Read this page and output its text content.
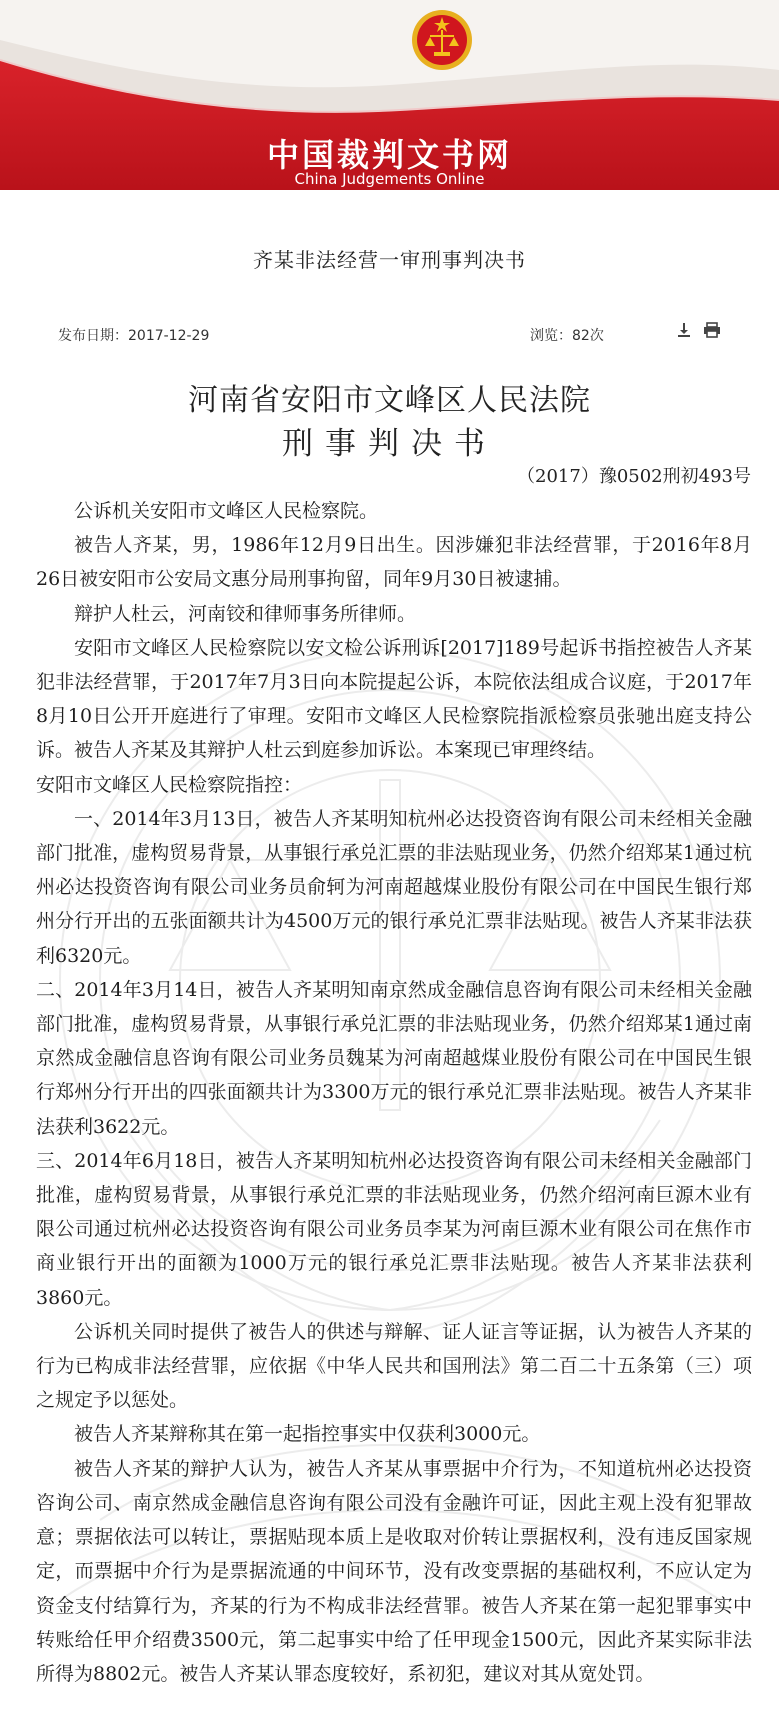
中国裁判文书网
China Judgements Online
齐某非法经营一审刑事判决书
发布日期：2017-12-29	浏览：82次

河南省安阳市文峰区人民法院
刑事判决书
（2017）豫0502刑初493号

公诉机关安阳市文峰区人民检察院。

被告人齐某，男，1986年12月9日出生。因涉嫌犯非法经营罪，于2016年8月26日被安阳市公安局文惠分局刑事拘留，同年9月30日被逮捕。

辩护人杜云，河南铰和律师事务所律师。

安阳市文峰区人民检察院以安文检公诉刑诉[2017]189号起诉书指控被告人齐某犯非法经营罪，于2017年7月3日向本院提起公诉，本院依法组成合议庭，于2017年8月10日公开开庭进行了审理。安阳市文峰区人民检察院指派检察员张驰出庭支持公诉。被告人齐某及其辩护人杜云到庭参加诉讼。本案现已审理终结。

安阳市文峰区人民检察院指控：

一、2014年3月13日，被告人齐某明知杭州必达投资咨询有限公司未经相关金融部门批准，虚构贸易背景，从事银行承兑汇票的非法贴现业务，仍然介绍郑某1通过杭州必达投资咨询有限公司业务员俞轲为河南超越煤业股份有限公司在中国民生银行郑州分行开出的五张面额共计为4500万元的银行承兑汇票非法贴现。被告人齐某非法获利6320元。

二、2014年3月14日，被告人齐某明知南京然成金融信息咨询有限公司未经相关金融部门批准，虚构贸易背景，从事银行承兑汇票的非法贴现业务，仍然介绍郑某1通过南京然成金融信息咨询有限公司业务员魏某为河南超越煤业股份有限公司在中国民生银行郑州分行开出的四张面额共计为3300万元的银行承兑汇票非法贴现。被告人齐某非法获利3622元。

三、2014年6月18日，被告人齐某明知杭州必达投资咨询有限公司未经相关金融部门批准，虚构贸易背景，从事银行承兑汇票的非法贴现业务，仍然介绍河南巨源木业有限公司通过杭州必达投资咨询有限公司业务员李某为河南巨源木业有限公司在焦作市商业银行开出的面额为1000万元的银行承兑汇票非法贴现。被告人齐某非法获利3860元。

公诉机关同时提供了被告人的供述与辩解、证人证言等证据，认为被告人齐某的行为已构成非法经营罪，应依据《中华人民共和国刑法》第二百二十五条第（三）项之规定予以惩处。

被告人齐某辩称其在第一起指控事实中仅获利3000元。

被告人齐某的辩护人认为，被告人齐某从事票据中介行为，不知道杭州必达投资咨询公司、南京然成金融信息咨询有限公司没有金融许可证，因此主观上没有犯罪故意；票据依法可以转让，票据贴现本质上是收取对价转让票据权利，没有违反国家规定，而票据中介行为是票据流通的中间环节，没有改变票据的基础权利，不应认定为资金支付结算行为，齐某的行为不构成非法经营罪。被告人齐某在第一起犯罪事实中转账给任甲介绍费3500元，第二起事实中给了任甲现金1500元，因此齐某实际非法所得为8802元。被告人齐某认罪态度较好，系初犯，建议对其从宽处罚。
